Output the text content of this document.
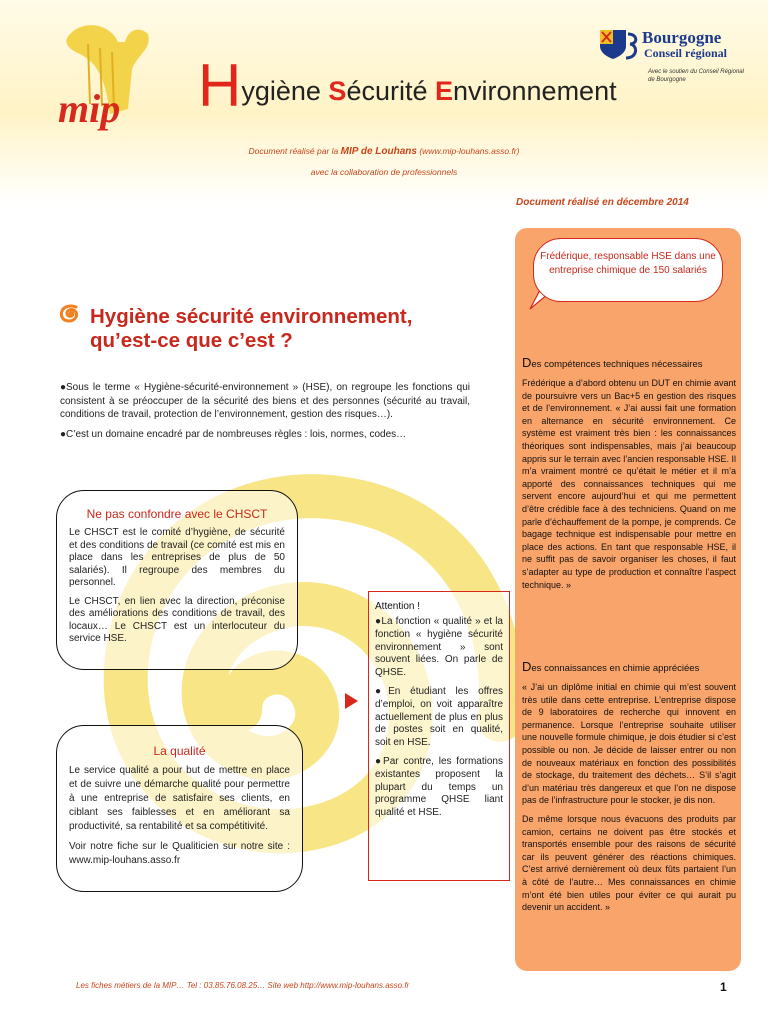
mip Hygiène Sécurité Environnement
Bourgogne
Conseil régional
Avec le soutien du Conseil Régional de Bourgogne
Document réalisé par la MIP de Louhans (www.mip-louhans.asso.fr)
avec la collaboration de professionnels
Document réalisé en décembre 2014
Hygiène sécurité environnement,
qu’est-ce que c’est ?

●Sous le terme « Hygiène-sécurité-environnement » (HSE), on regroupe les fonctions qui consistent à se préoccuper de la sécurité des biens et des personnes (sécurité au travail, conditions de travail, protection de l’environnement, gestion des risques…).

●C’est un domaine encadré par de nombreuses règles : lois, normes, codes…

Ne pas confondre avec le CHSCT

Le CHSCT est le comité d’hygiène, de sécurité et des conditions de travail (ce comité est mis en place dans les entreprises de plus de 50 salariés). Il regroupe des membres du personnel.

Le CHSCT, en lien avec la direction, préconise des améliorations des conditions de travail, des locaux… Le CHSCT est un interlocuteur du service HSE.

La qualité

Le service qualité a pour but de mettre en place et de suivre une démarche qualité pour permettre à une entreprise de satisfaire ses clients, en ciblant ses faiblesses et en améliorant sa productivité, sa rentabilité et sa compétitivité.

Voir notre fiche sur le Qualiticien sur notre site : www.mip-louhans.asso.fr

Attention !

●La fonction « qualité » et la fonction « hygiène sécurité environnement » sont souvent liées. On parle de QHSE.

●En étudiant les offres d’emploi, on voit apparaître actuellement de plus en plus de postes soit en qualité, soit en HSE.

●Par contre, les formations existantes proposent la plupart du temps un programme QHSE liant qualité et HSE.

Frédérique, responsable HSE dans une entreprise chimique de 150 salariés
Des compétences techniques nécessaires

Frédérique a d’abord obtenu un DUT en chimie avant de poursuivre vers un Bac+5 en gestion des risques et de l’environnement. « J’ai aussi fait une formation en alternance en sécurité environnement. Ce système est vraiment très bien : les connaissances théoriques sont indispensables, mais j’ai beaucoup appris sur le terrain avec l’ancien responsable HSE. Il m’a vraiment montré ce qu’était le métier et il m’a apporté des connaissances techniques qui me servent encore aujourd’hui et qui me permettent d’être crédible face à des techniciens. Quand on me parle d’échauffement de la pompe, je comprends. Ce bagage technique est indispensable pour mettre en place des actions. En tant que responsable HSE, il ne suffit pas de savoir organiser les choses, il faut s’adapter au type de production et connaître l’aspect technique. »

Des connaissances en chimie appréciées

« J’ai un diplôme initial en chimie qui m’est souvent très utile dans cette entreprise. L’entreprise dispose de 9 laboratoires de recherche qui innovent en permanence. Lorsque l’entreprise souhaite utiliser une nouvelle formule chimique, je dois étudier si c’est possible ou non. Je décide de laisser entrer ou non de nouveaux matériaux en fonction des possibilités de stockage, du traitement des déchets… S’il s’agit d’un matériau très dangereux et que l’on ne dispose pas de l’infrastructure pour le stocker, je dis non.

De même lorsque nous évacuons des produits par camion, certains ne doivent pas être stockés et transportés ensemble pour des raisons de sécurité car ils peuvent générer des réactions chimiques. C’est arrivé dernièrement où deux fûts partaient l’un à côté de l’autre… Mes connaissances en chimie m’ont été bien utiles pour éviter ce qui aurait pu devenir un accident. »

Les fiches métiers de la MIP… Tel : 03.85.76.08.25… Site web http://www.mip-louhans.asso.fr	1
